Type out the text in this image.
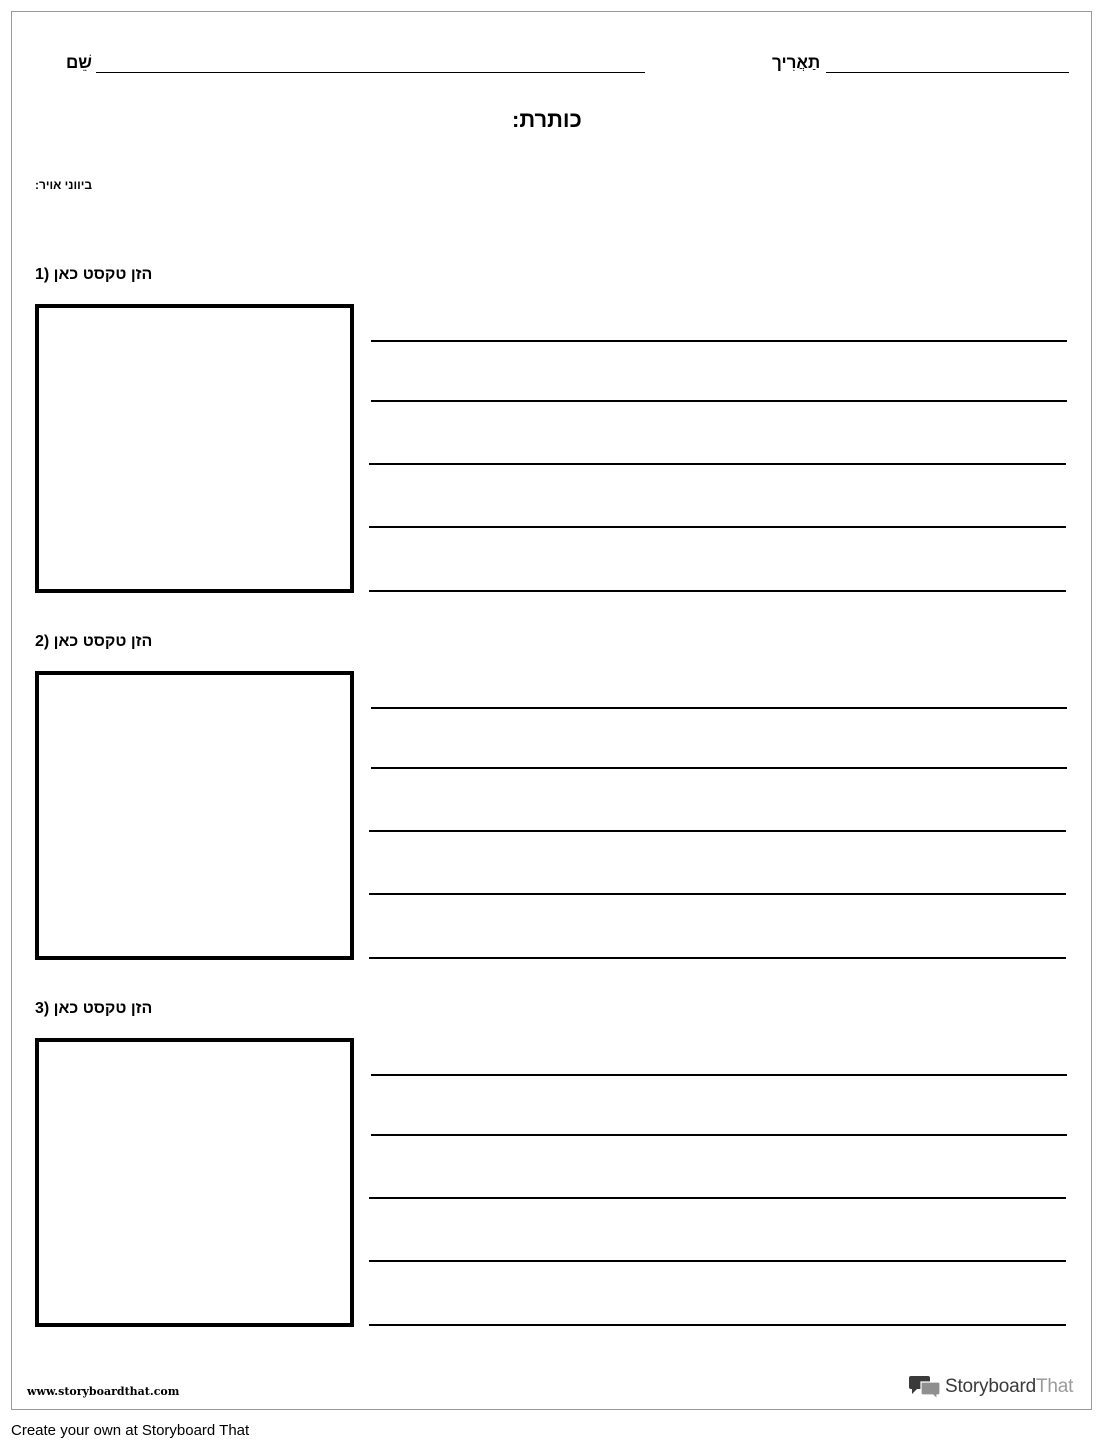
שֵׁם	תַאֲרִיך
כותרת:
ביווני אויר:
הזן טקסט כאן (1
הזן טקסט כאן (2
הזן טקסט כאן (3
www.storyboardthat.com	StoryboardThat
Create your own at Storyboard That
